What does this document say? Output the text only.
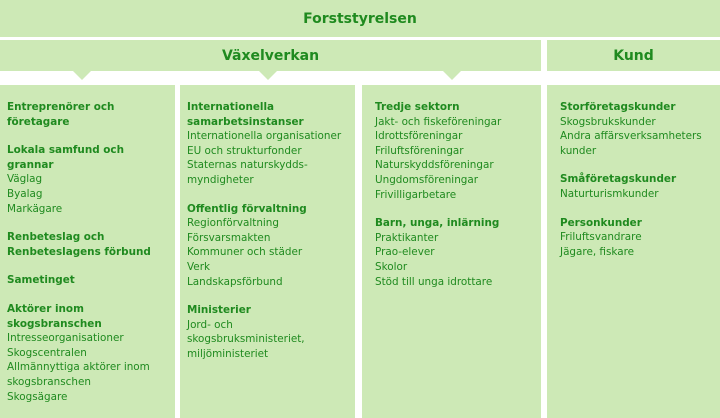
Forststyrelsen
Växelverkan	Kund
Entreprenörer och företagare
Lokala samfund och grannar
Väglag
Byalag
Markägare
Renbeteslag och Renbeteslagens förbund
Sametinget
Aktörer inom skogsbranschen
Intresseorganisationer
Skogscentralen
Allmännyttiga aktörer inom skogsbranschen
Skogsägare
Internationella samarbetsinstanser
Internationella organisationer
EU och strukturfonder
Staternas naturskydds-myndigheter
Offentlig förvaltning
Regionförvaltning
Försvarsmakten
Kommuner och städer
Verk
Landskapsförbund
Ministerier
Jord- och skogsbruksministeriet, miljöministeriet
Tredje sektorn
Jakt- och fiskeföreningar
Idrottsföreningar
Friluftsföreningar
Naturskyddsföreningar
Ungdomsföreningar
Frivilligarbetare
Barn, unga, inlärning
Praktikanter
Prao-elever
Skolor
Stöd till unga idrottare
Storföretagskunder
Skogsbrukskunder
Andra affärsverksamheters kunder
Småföretagskunder
Naturturismkunder
Personkunder
Friluftsvandrare
Jägare, fiskare
